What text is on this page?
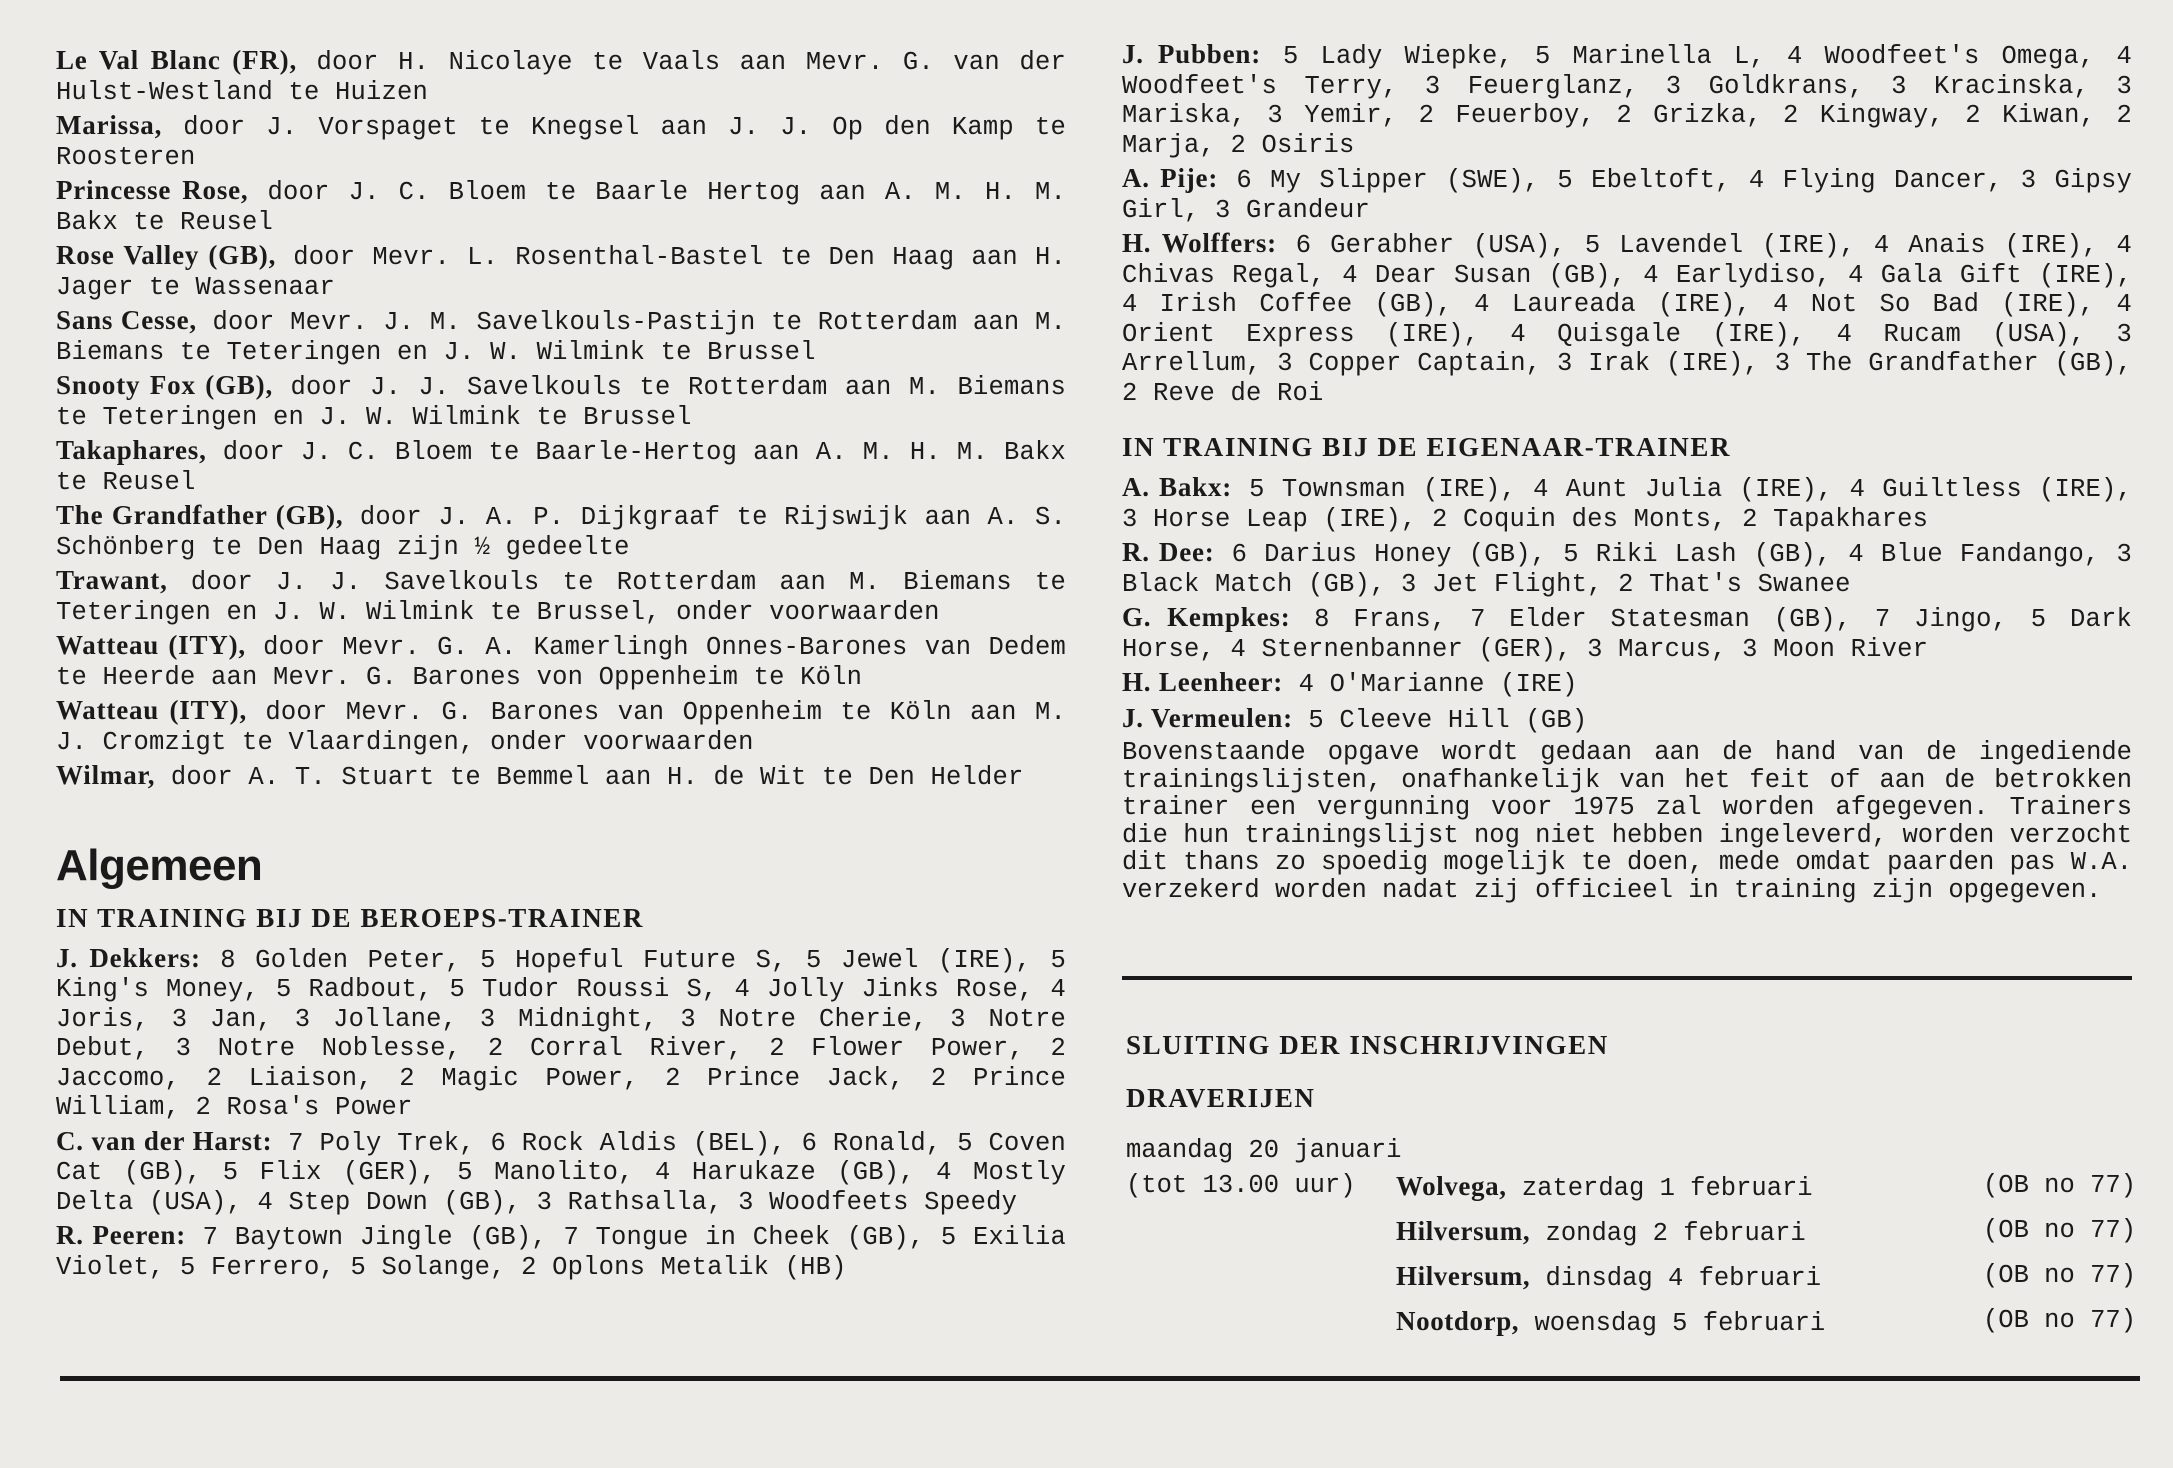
Le Val Blanc (FR), door H. Nicolaye te Vaals aan Mevr. G. van der Hulst-Westland te Huizen
Marissa, door J. Vorspaget te Knegsel aan J. J. Op den Kamp te Roosteren
Princesse Rose, door J. C. Bloem te Baarle Hertog aan A. M. H. M. Bakx te Reusel
Rose Valley (GB), door Mevr. L. Rosenthal-Bastel te Den Haag aan H. Jager te Wassenaar
Sans Cesse, door Mevr. J. M. Savelkouls-Pastijn te Rotterdam aan M. Biemans te Teteringen en J. W. Wilmink te Brussel
Snooty Fox (GB), door J. J. Savelkouls te Rotterdam aan M. Biemans te Teteringen en J. W. Wilmink te Brussel
Takaphares, door J. C. Bloem te Baarle-Hertog aan A. M. H. M. Bakx te Reusel
The Grandfather (GB), door J. A. P. Dijkgraaf te Rijswijk aan A. S. Schönberg te Den Haag zijn ½ gedeelte
Trawant, door J. J. Savelkouls te Rotterdam aan M. Biemans te Teteringen en J. W. Wilmink te Brussel, onder voorwaarden
Watteau (ITY), door Mevr. G. A. Kamerlingh Onnes-Barones van Dedem te Heerde aan Mevr. G. Barones von Oppenheim te Köln
Watteau (ITY), door Mevr. G. Barones van Oppenheim te Köln aan M. J. Cromzigt te Vlaardingen, onder voorwaarden
Wilmar, door A. T. Stuart te Bemmel aan H. de Wit te Den Helder
Algemeen
IN TRAINING BIJ DE BEROEPS-TRAINER
J. Dekkers: 8 Golden Peter, 5 Hopeful Future S, 5 Jewel (IRE), 5 King's Money, 5 Radbout, 5 Tudor Roussi S, 4 Jolly Jinks Rose, 4 Joris, 3 Jan, 3 Jollane, 3 Midnight, 3 Notre Cherie, 3 Notre Debut, 3 Notre Noblesse, 2 Corral River, 2 Flower Power, 2 Jaccomo, 2 Liaison, 2 Magic Power, 2 Prince Jack, 2 Prince William, 2 Rosa's Power
C. van der Harst: 7 Poly Trek, 6 Rock Aldis (BEL), 6 Ronald, 5 Coven Cat (GB), 5 Flix (GER), 5 Manolito, 4 Harukaze (GB), 4 Mostly Delta (USA), 4 Step Down (GB), 3 Rathsalla, 3 Woodfeets Speedy
R. Peeren: 7 Baytown Jingle (GB), 7 Tongue in Cheek (GB), 5 Exilia Violet, 5 Ferrero, 5 Solange, 2 Oplons Metalik (HB)
J. Pubben: 5 Lady Wiepke, 5 Marinella L, 4 Woodfeet's Omega, 4 Woodfeet's Terry, 3 Feuerglanz, 3 Goldkrans, 3 Kracinska, 3 Mariska, 3 Yemir, 2 Feuerboy, 2 Grizka, 2 Kingway, 2 Kiwan, 2 Marja, 2 Osiris
A. Pije: 6 My Slipper (SWE), 5 Ebeltoft, 4 Flying Dancer, 3 Gipsy Girl, 3 Grandeur
H. Wolffers: 6 Gerabher (USA), 5 Lavendel (IRE), 4 Anais (IRE), 4 Chivas Regal, 4 Dear Susan (GB), 4 Earlydiso, 4 Gala Gift (IRE), 4 Irish Coffee (GB), 4 Laureada (IRE), 4 Not So Bad (IRE), 4 Orient Express (IRE), 4 Quisgale (IRE), 4 Rucam (USA), 3 Arrellum, 3 Copper Captain, 3 Irak (IRE), 3 The Grandfather (GB), 2 Reve de Roi
IN TRAINING BIJ DE EIGENAAR-TRAINER
A. Bakx: 5 Townsman (IRE), 4 Aunt Julia (IRE), 4 Guiltless (IRE), 3 Horse Leap (IRE), 2 Coquin des Monts, 2 Tapakhares
R. Dee: 6 Darius Honey (GB), 5 Riki Lash (GB), 4 Blue Fandango, 3 Black Match (GB), 3 Jet Flight, 2 That's Swanee
G. Kempkes: 8 Frans, 7 Elder Statesman (GB), 7 Jingo, 5 Dark Horse, 4 Sternenbanner (GER), 3 Marcus, 3 Moon River
H. Leenheer: 4 O'Marianne (IRE)
J. Vermeulen: 5 Cleeve Hill (GB)
Bovenstaande opgave wordt gedaan aan de hand van de ingediende trainingslijsten, onafhankelijk van het feit of aan de betrokken trainer een vergunning voor 1975 zal worden afgegeven. Trainers die hun trainingslijst nog niet hebben ingeleverd, worden verzocht dit thans zo spoedig mogelijk te doen, mede omdat paarden pas W.A. verzekerd worden nadat zij officieel in training zijn opgegeven.
SLUITING DER INSCHRIJVINGEN
DRAVERIJEN
maandag 20 januari
(tot 13.00 uur)	Wolvega, zaterdag 1 februari	(OB no 77)
Hilversum, zondag 2 februari	(OB no 77)
Hilversum, dinsdag 4 februari	(OB no 77)
Nootdorp, woensdag 5 februari	(OB no 77)
